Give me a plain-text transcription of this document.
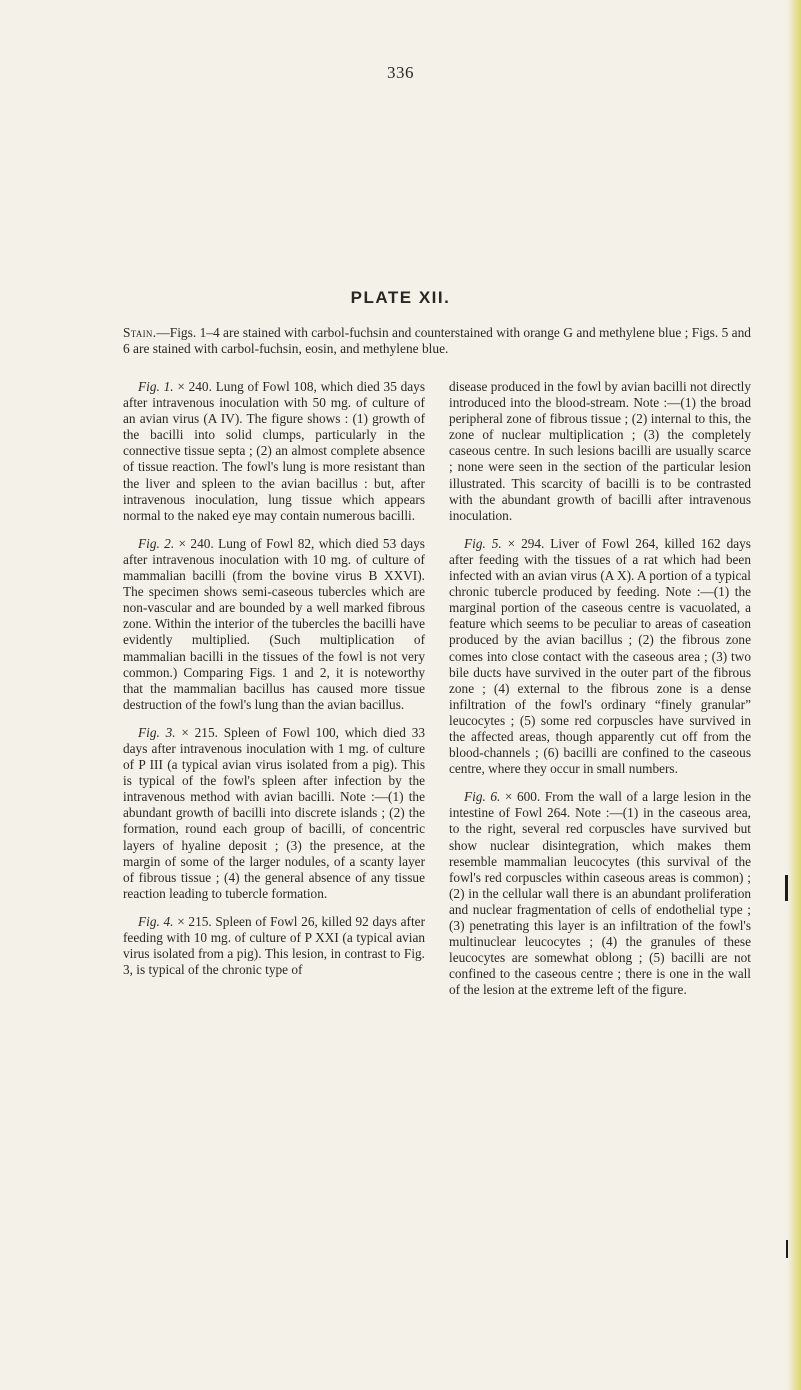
336
PLATE XII.

Stain.—Figs. 1–4 are stained with carbol-fuchsin and counterstained with orange G and methylene blue ; Figs. 5 and 6 are stained with carbol-fuchsin, eosin, and methylene blue.

Fig. 1. × 240. Lung of Fowl 108, which died 35 days after intravenous inoculation with 50 mg. of culture of an avian virus (A IV). The figure shows : (1) growth of the bacilli into solid clumps, particularly in the connective tissue septa ; (2) an almost complete absence of tissue reaction. The fowl's lung is more resistant than the liver and spleen to the avian bacillus : but, after intravenous inoculation, lung tissue which appears normal to the naked eye may contain numerous bacilli.

Fig. 2. × 240. Lung of Fowl 82, which died 53 days after intravenous inoculation with 10 mg. of culture of mammalian bacilli (from the bovine virus B XXVI). The specimen shows semi-caseous tubercles which are non-vascular and are bounded by a well marked fibrous zone. Within the interior of the tubercles the bacilli have evidently multiplied. (Such multiplication of mammalian bacilli in the tissues of the fowl is not very common.) Comparing Figs. 1 and 2, it is noteworthy that the mammalian bacillus has caused more tissue destruction of the fowl's lung than the avian bacillus.

Fig. 3. × 215. Spleen of Fowl 100, which died 33 days after intravenous inoculation with 1 mg. of culture of P III (a typical avian virus isolated from a pig). This is typical of the fowl's spleen after infection by the intravenous method with avian bacilli. Note :—(1) the abundant growth of bacilli into discrete islands ; (2) the formation, round each group of bacilli, of concentric layers of hyaline deposit ; (3) the presence, at the margin of some of the larger nodules, of a scanty layer of fibrous tissue ; (4) the general absence of any tissue reaction leading to tubercle formation.

Fig. 4. × 215. Spleen of Fowl 26, killed 92 days after feeding with 10 mg. of culture of P XXI (a typical avian virus isolated from a pig). This lesion, in contrast to Fig. 3, is typical of the chronic type of

disease produced in the fowl by avian bacilli not directly introduced into the blood-stream. Note :—(1) the broad peripheral zone of fibrous tissue ; (2) internal to this, the zone of nuclear multiplication ; (3) the completely caseous centre. In such lesions bacilli are usually scarce ; none were seen in the section of the particular lesion illustrated. This scarcity of bacilli is to be contrasted with the abundant growth of bacilli after intravenous inoculation.

Fig. 5. × 294. Liver of Fowl 264, killed 162 days after feeding with the tissues of a rat which had been infected with an avian virus (A X). A portion of a typical chronic tubercle produced by feeding. Note :—(1) the marginal portion of the caseous centre is vacuolated, a feature which seems to be peculiar to areas of caseation produced by the avian bacillus ; (2) the fibrous zone comes into close contact with the caseous area ; (3) two bile ducts have survived in the outer part of the fibrous zone ; (4) external to the fibrous zone is a dense infiltration of the fowl's ordinary “finely granular” leucocytes ; (5) some red corpuscles have survived in the affected areas, though apparently cut off from the blood-channels ; (6) bacilli are confined to the caseous centre, where they occur in small numbers.

Fig. 6. × 600. From the wall of a large lesion in the intestine of Fowl 264. Note :—(1) in the caseous area, to the right, several red corpuscles have survived but show nuclear disintegration, which makes them resemble mammalian leucocytes (this survival of the fowl's red corpuscles within caseous areas is common) ; (2) in the cellular wall there is an abundant proliferation and nuclear fragmentation of cells of endothelial type ; (3) penetrating this layer is an infiltration of the fowl's multinuclear leucocytes ; (4) the granules of these leucocytes are somewhat oblong ; (5) bacilli are not confined to the caseous centre ; there is one in the wall of the lesion at the extreme left of the figure.
